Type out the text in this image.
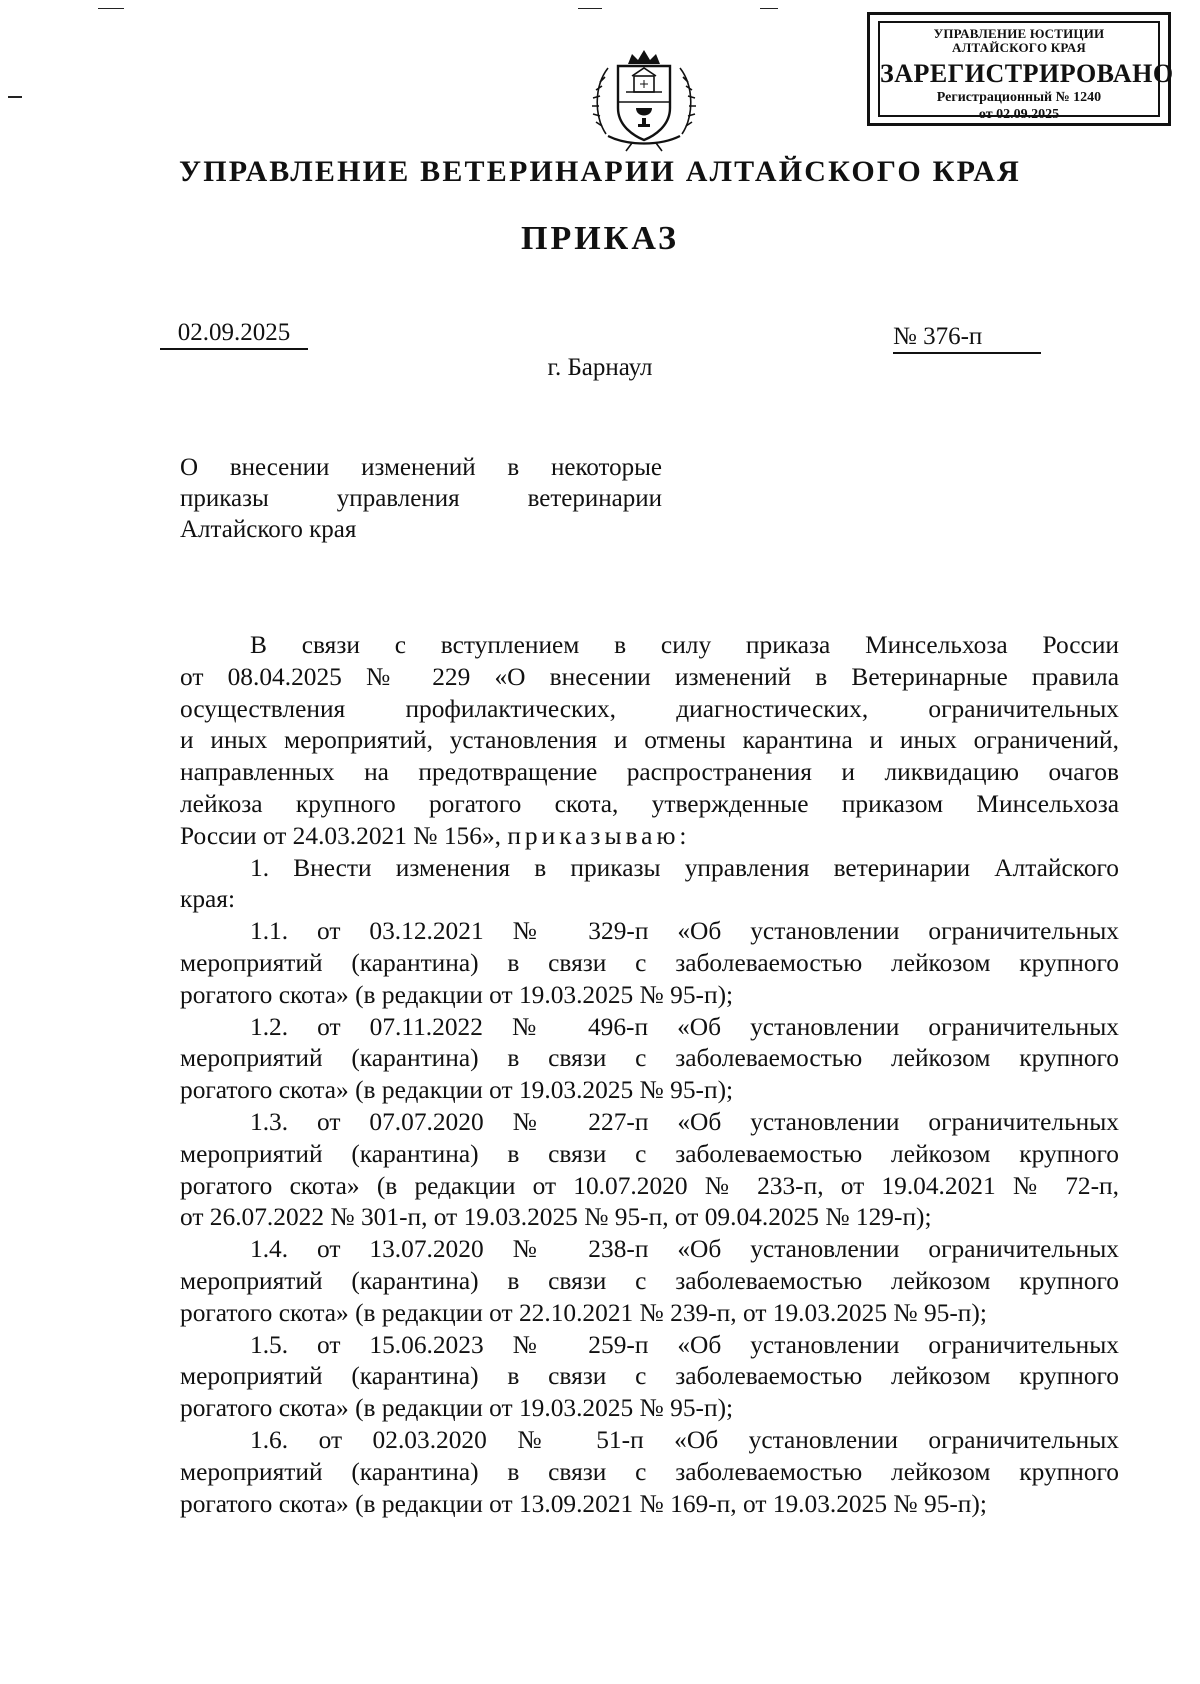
УПРАВЛЕНИЕ ЮСТИЦИИ
АЛТАЙСКОГО КРАЯ
ЗАРЕГИСТРИРОВАНО
Регистрационный № 1240
от 02.09.2025
УПРАВЛЕНИЕ ВЕТЕРИНАРИИ АЛТАЙСКОГО КРАЯ
ПРИКАЗ
02.09.2025	№ 376-п
г. Барнаул
О внесении изменений в некоторые
приказы управления ветеринарии
Алтайского края
В связи с вступлением в силу приказа Минсельхоза России
от 08.04.2025 № 229 «О внесении изменений в Ветеринарные правила
осуществления профилактических, диагностических, ограничительных
и иных мероприятий, установления и отмены карантина и иных ограничений,
направленных на предотвращение распространения и ликвидацию очагов
лейкоза крупного рогатого скота, утвержденные приказом Минсельхоза
России от 24.03.2021 № 156», приказываю:
1. Внести изменения в приказы управления ветеринарии Алтайского
края:
1.1. от 03.12.2021 № 329-п «Об установлении ограничительных
мероприятий (карантина) в связи с заболеваемостью лейкозом крупного
рогатого скота» (в редакции от 19.03.2025 № 95-п);
1.2. от 07.11.2022 № 496-п «Об установлении ограничительных
мероприятий (карантина) в связи с заболеваемостью лейкозом крупного
рогатого скота» (в редакции от 19.03.2025 № 95-п);
1.3. от 07.07.2020 № 227-п «Об установлении ограничительных
мероприятий (карантина) в связи с заболеваемостью лейкозом крупного
рогатого скота» (в редакции от 10.07.2020 № 233-п, от 19.04.2021 № 72-п,
от 26.07.2022 № 301-п, от 19.03.2025 № 95-п, от 09.04.2025 № 129-п);
1.4. от 13.07.2020 № 238-п «Об установлении ограничительных
мероприятий (карантина) в связи с заболеваемостью лейкозом крупного
рогатого скота» (в редакции от 22.10.2021 № 239-п, от 19.03.2025 № 95-п);
1.5. от 15.06.2023 № 259-п «Об установлении ограничительных
мероприятий (карантина) в связи с заболеваемостью лейкозом крупного
рогатого скота» (в редакции от 19.03.2025 № 95-п);
1.6. от 02.03.2020 № 51-п «Об установлении ограничительных
мероприятий (карантина) в связи с заболеваемостью лейкозом крупного
рогатого скота» (в редакции от 13.09.2021 № 169-п, от 19.03.2025 № 95-п);
